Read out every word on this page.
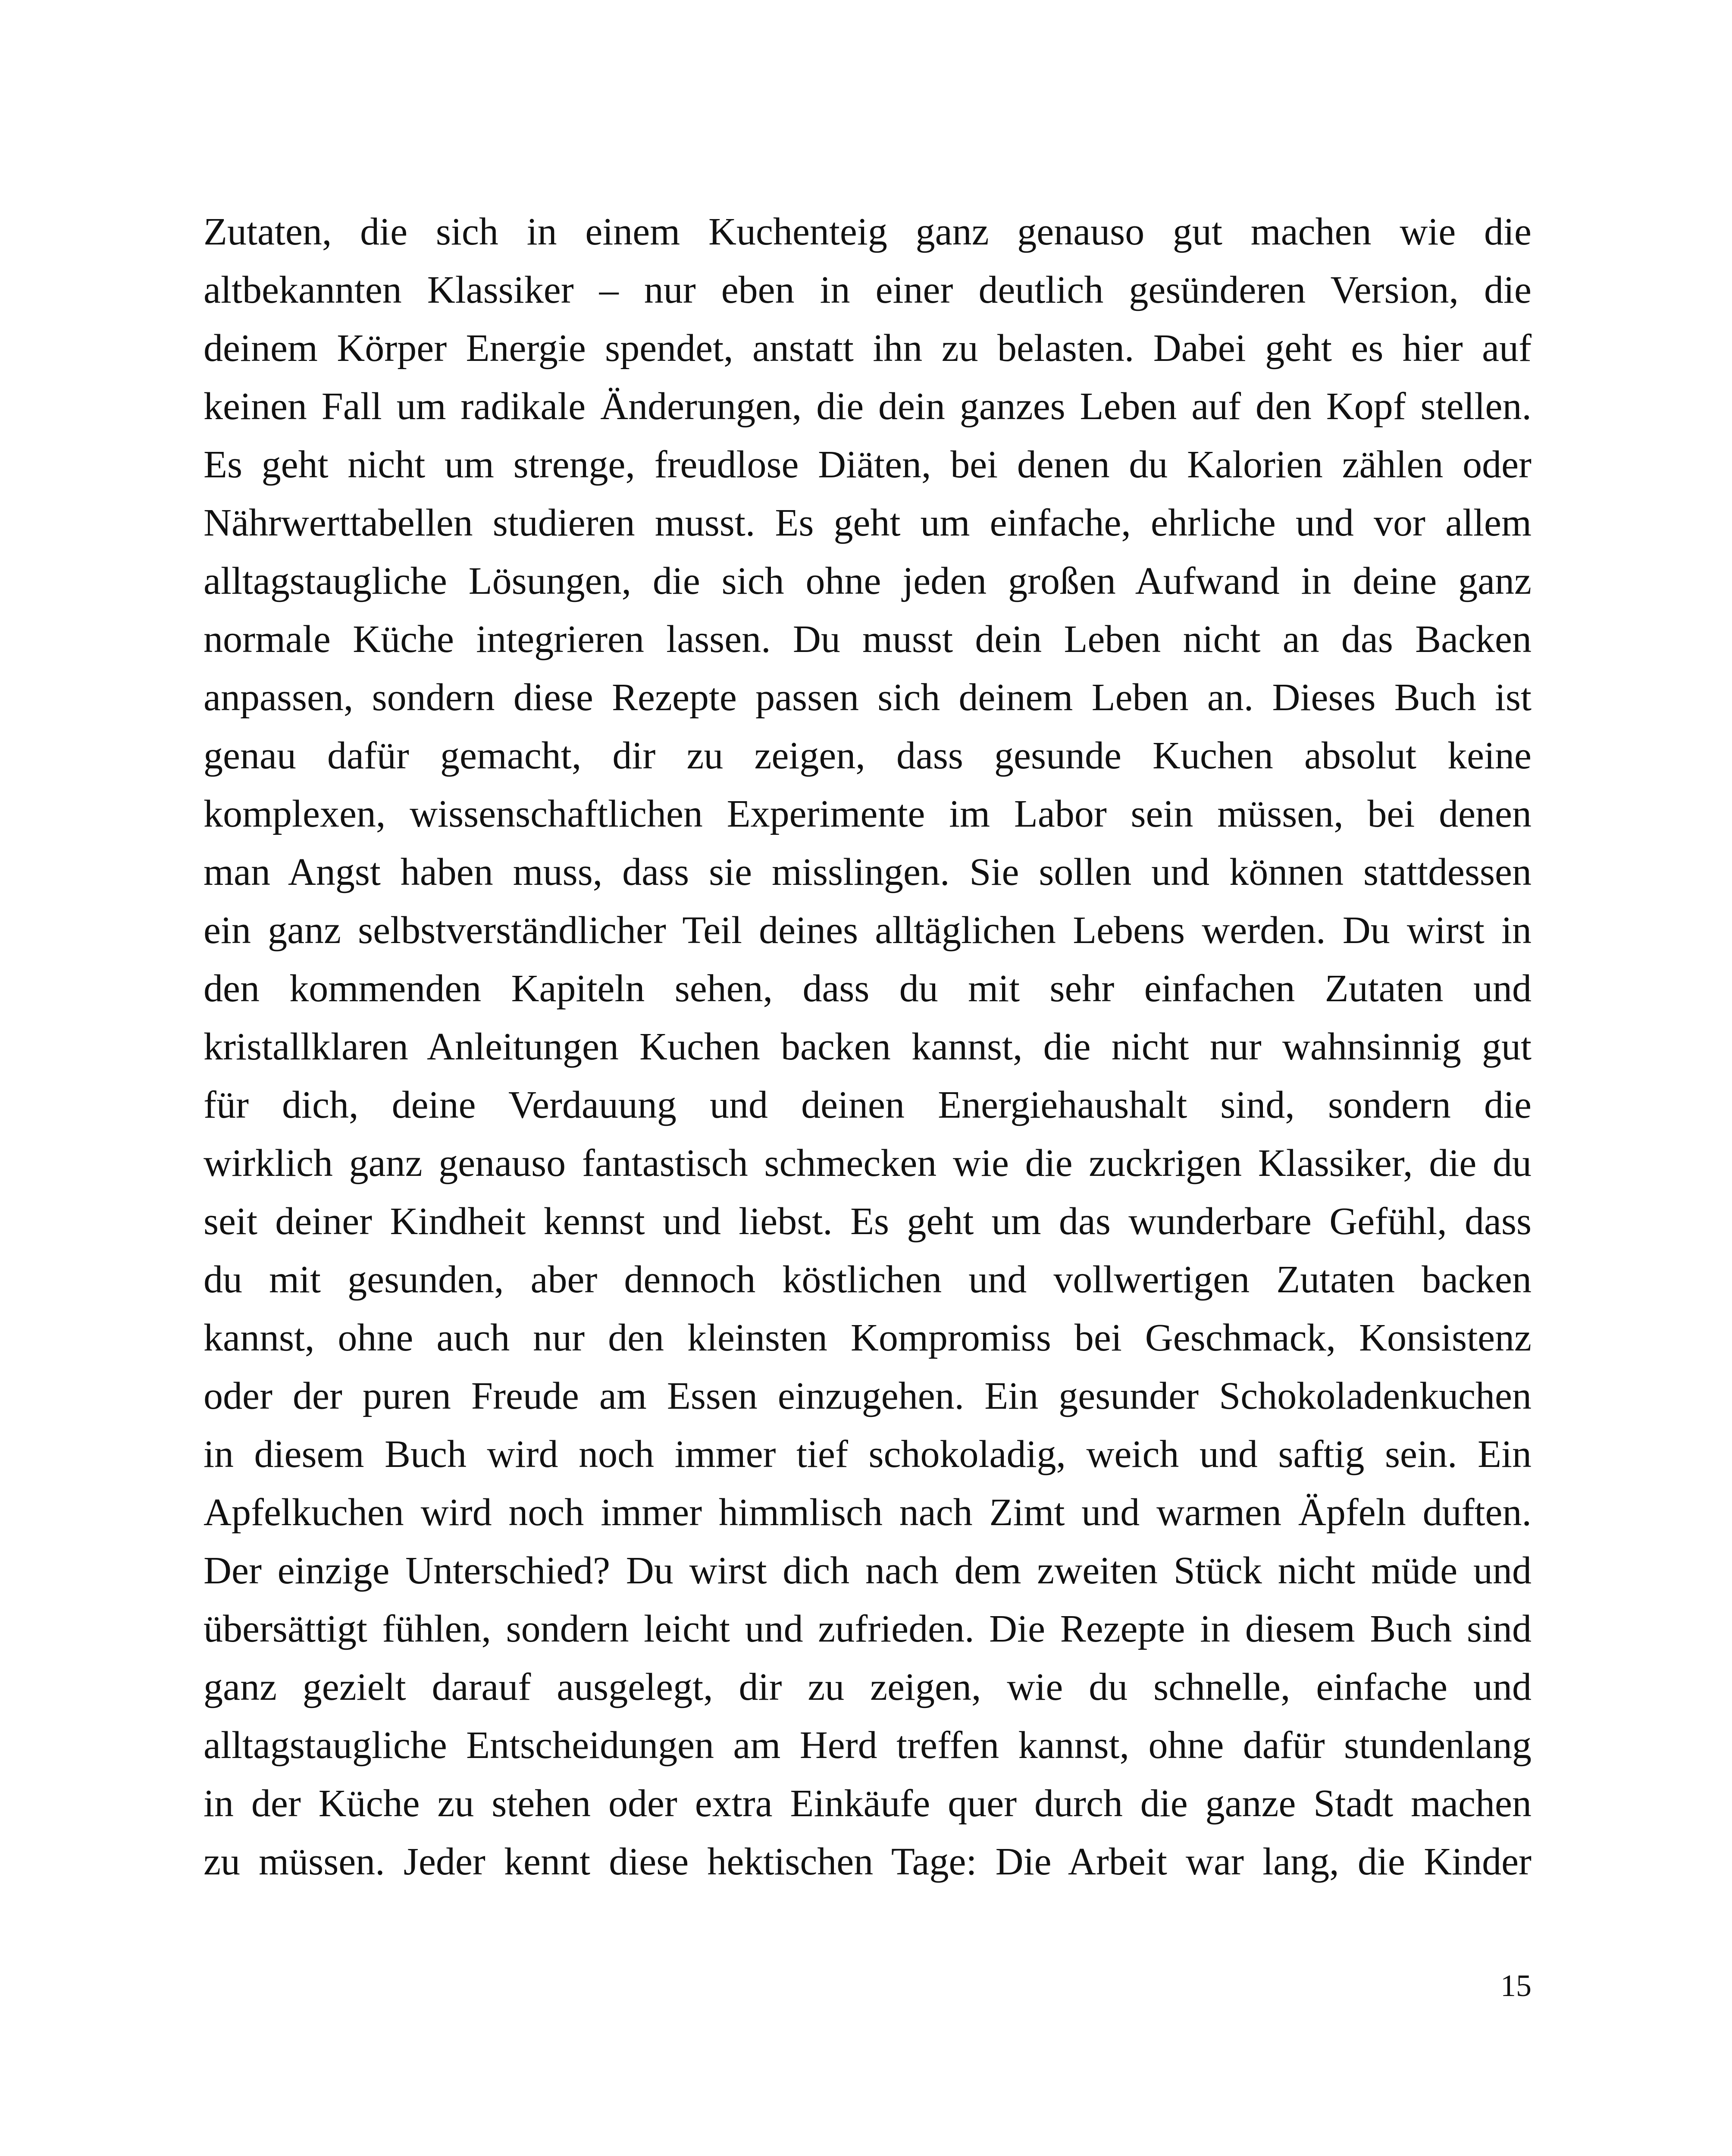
Zutaten, die sich in einem Kuchenteig ganz genauso gut machen wie die
altbekannten Klassiker – nur eben in einer deutlich gesünderen Version, die
deinem Körper Energie spendet, anstatt ihn zu belasten. Dabei geht es hier auf
keinen Fall um radikale Änderungen, die dein ganzes Leben auf den Kopf stellen.
Es geht nicht um strenge, freudlose Diäten, bei denen du Kalorien zählen oder
Nährwerttabellen studieren musst. Es geht um einfache, ehrliche und vor allem
alltagstaugliche Lösungen, die sich ohne jeden großen Aufwand in deine ganz
normale Küche integrieren lassen. Du musst dein Leben nicht an das Backen
anpassen, sondern diese Rezepte passen sich deinem Leben an. Dieses Buch ist
genau dafür gemacht, dir zu zeigen, dass gesunde Kuchen absolut keine
komplexen, wissenschaftlichen Experimente im Labor sein müssen, bei denen
man Angst haben muss, dass sie misslingen. Sie sollen und können stattdessen
ein ganz selbstverständlicher Teil deines alltäglichen Lebens werden. Du wirst in
den kommenden Kapiteln sehen, dass du mit sehr einfachen Zutaten und
kristallklaren Anleitungen Kuchen backen kannst, die nicht nur wahnsinnig gut
für dich, deine Verdauung und deinen Energiehaushalt sind, sondern die
wirklich ganz genauso fantastisch schmecken wie die zuckrigen Klassiker, die du
seit deiner Kindheit kennst und liebst. Es geht um das wunderbare Gefühl, dass
du mit gesunden, aber dennoch köstlichen und vollwertigen Zutaten backen
kannst, ohne auch nur den kleinsten Kompromiss bei Geschmack, Konsistenz
oder der puren Freude am Essen einzugehen. Ein gesunder Schokoladenkuchen
in diesem Buch wird noch immer tief schokoladig, weich und saftig sein. Ein
Apfelkuchen wird noch immer himmlisch nach Zimt und warmen Äpfeln duften.
Der einzige Unterschied? Du wirst dich nach dem zweiten Stück nicht müde und
übersättigt fühlen, sondern leicht und zufrieden. Die Rezepte in diesem Buch sind
ganz gezielt darauf ausgelegt, dir zu zeigen, wie du schnelle, einfache und
alltagstaugliche Entscheidungen am Herd treffen kannst, ohne dafür stundenlang
in der Küche zu stehen oder extra Einkäufe quer durch die ganze Stadt machen
zu müssen. Jeder kennt diese hektischen Tage: Die Arbeit war lang, die Kinder
15
